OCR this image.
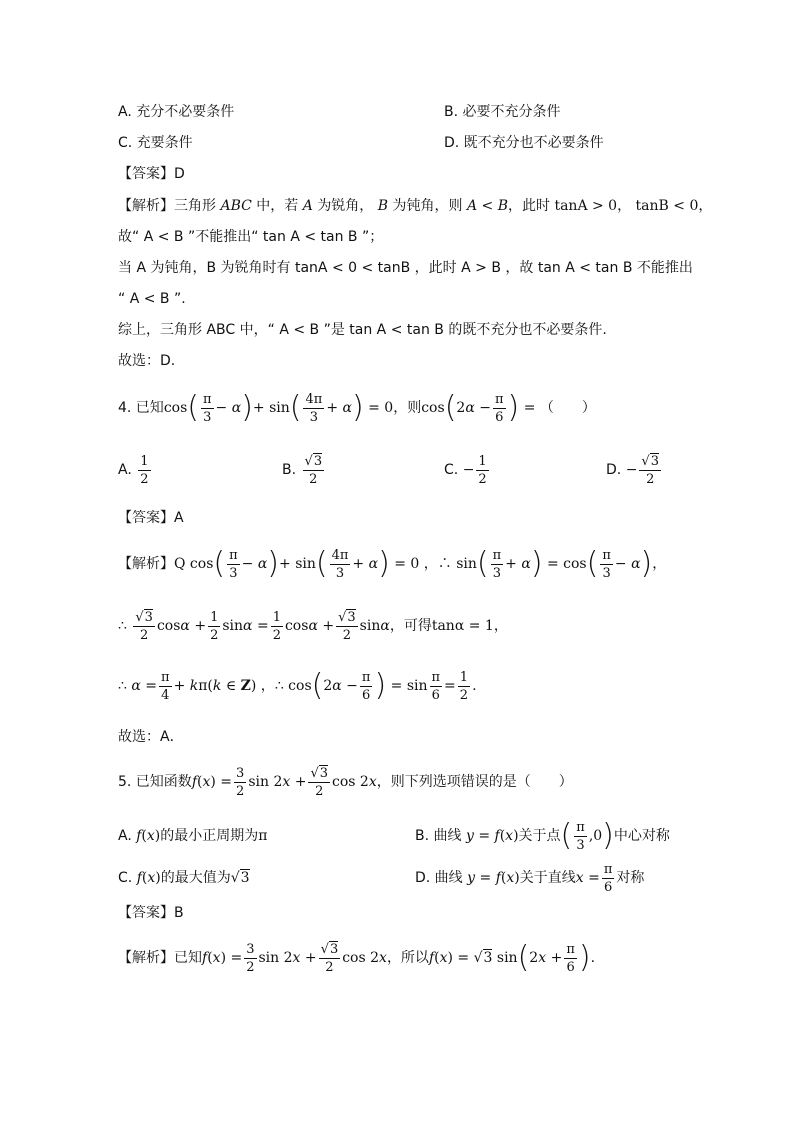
A. 充分不必要条件	B. 必要不充分条件
C. 充要条件	D. 既不充分也不必要条件
【答案】D
【解析】三角形 ABC 中，若 A 为锐角， B 为钝角，则 A < B，此时 tanA > 0， tanB < 0，
故“ A < B ”不能推出“ tan A < tan B ”；
当 A 为钝角，B 为锐角时有 tanA < 0 < tanB ，此时 A > B ，故 tan A < tan B 不能推出
“ A < B ”.
综上，三角形 ABC 中，“ A < B ”是 tan A < tan B 的既不充分也不必要条件.
故选：D.
4. 已知$\cos( \frac{\pi}{3} - \alpha)+ \sin( \frac{4\pi}{3} + \alpha) = 0$，则$\cos(2\alpha - \frac{\pi}{6}$ ) = （　　）
A. $\frac{1}{2}$	B. $\frac{√3}{2}$	C. − $\frac{1}{2}$	D. − $\frac{√3}{2}$
【答案】A
【解析】Q $\cos( \frac{\pi}{3} - \alpha)+ \sin( \frac{4\pi}{3} + \alpha) = 0$ ，∴ $\sin( \frac{\pi}{3} + \alpha) = \cos( \frac{\pi}{3} - \alpha)$，
∴ $\frac{√3}{2}$ $\cos\alpha + \frac{1}{2}$ $\sin\alpha = \frac{1}{2}$ $\cos\alpha + \frac{√3}{2}$ sinα，可得tanα = 1，
∴ $\alpha = \frac{\pi}{4} + k\pi(k$ ∈ Z) ，∴ $\cos(2\alpha - \frac{\pi}{6}$ ) = $\sin \frac{\pi}{6} = \frac{1}{2}$ .
故选：A．
5. 已知函数$f(x) = \frac{3}{2}$ $\sin 2x + \frac{√3}{2}$ cos 2x，则下列选项错误的是（　　）
A. f(x)的最小正周期为π	B. 曲线 y = f(x)关于点( $\frac{\pi}{3} ,0$)中心对称
C. f(x)的最大值为√3	D. 曲线 y = f(x)关于直线$x = \frac{\pi}{6}$ 对称
【答案】B
【解析】已知$f(x) = \frac{3}{2}$ $\sin 2x + \frac{√3}{2}$ cos 2x，所以f(x) = √3 $\sin(2x + \frac{\pi}{6}$ ).
